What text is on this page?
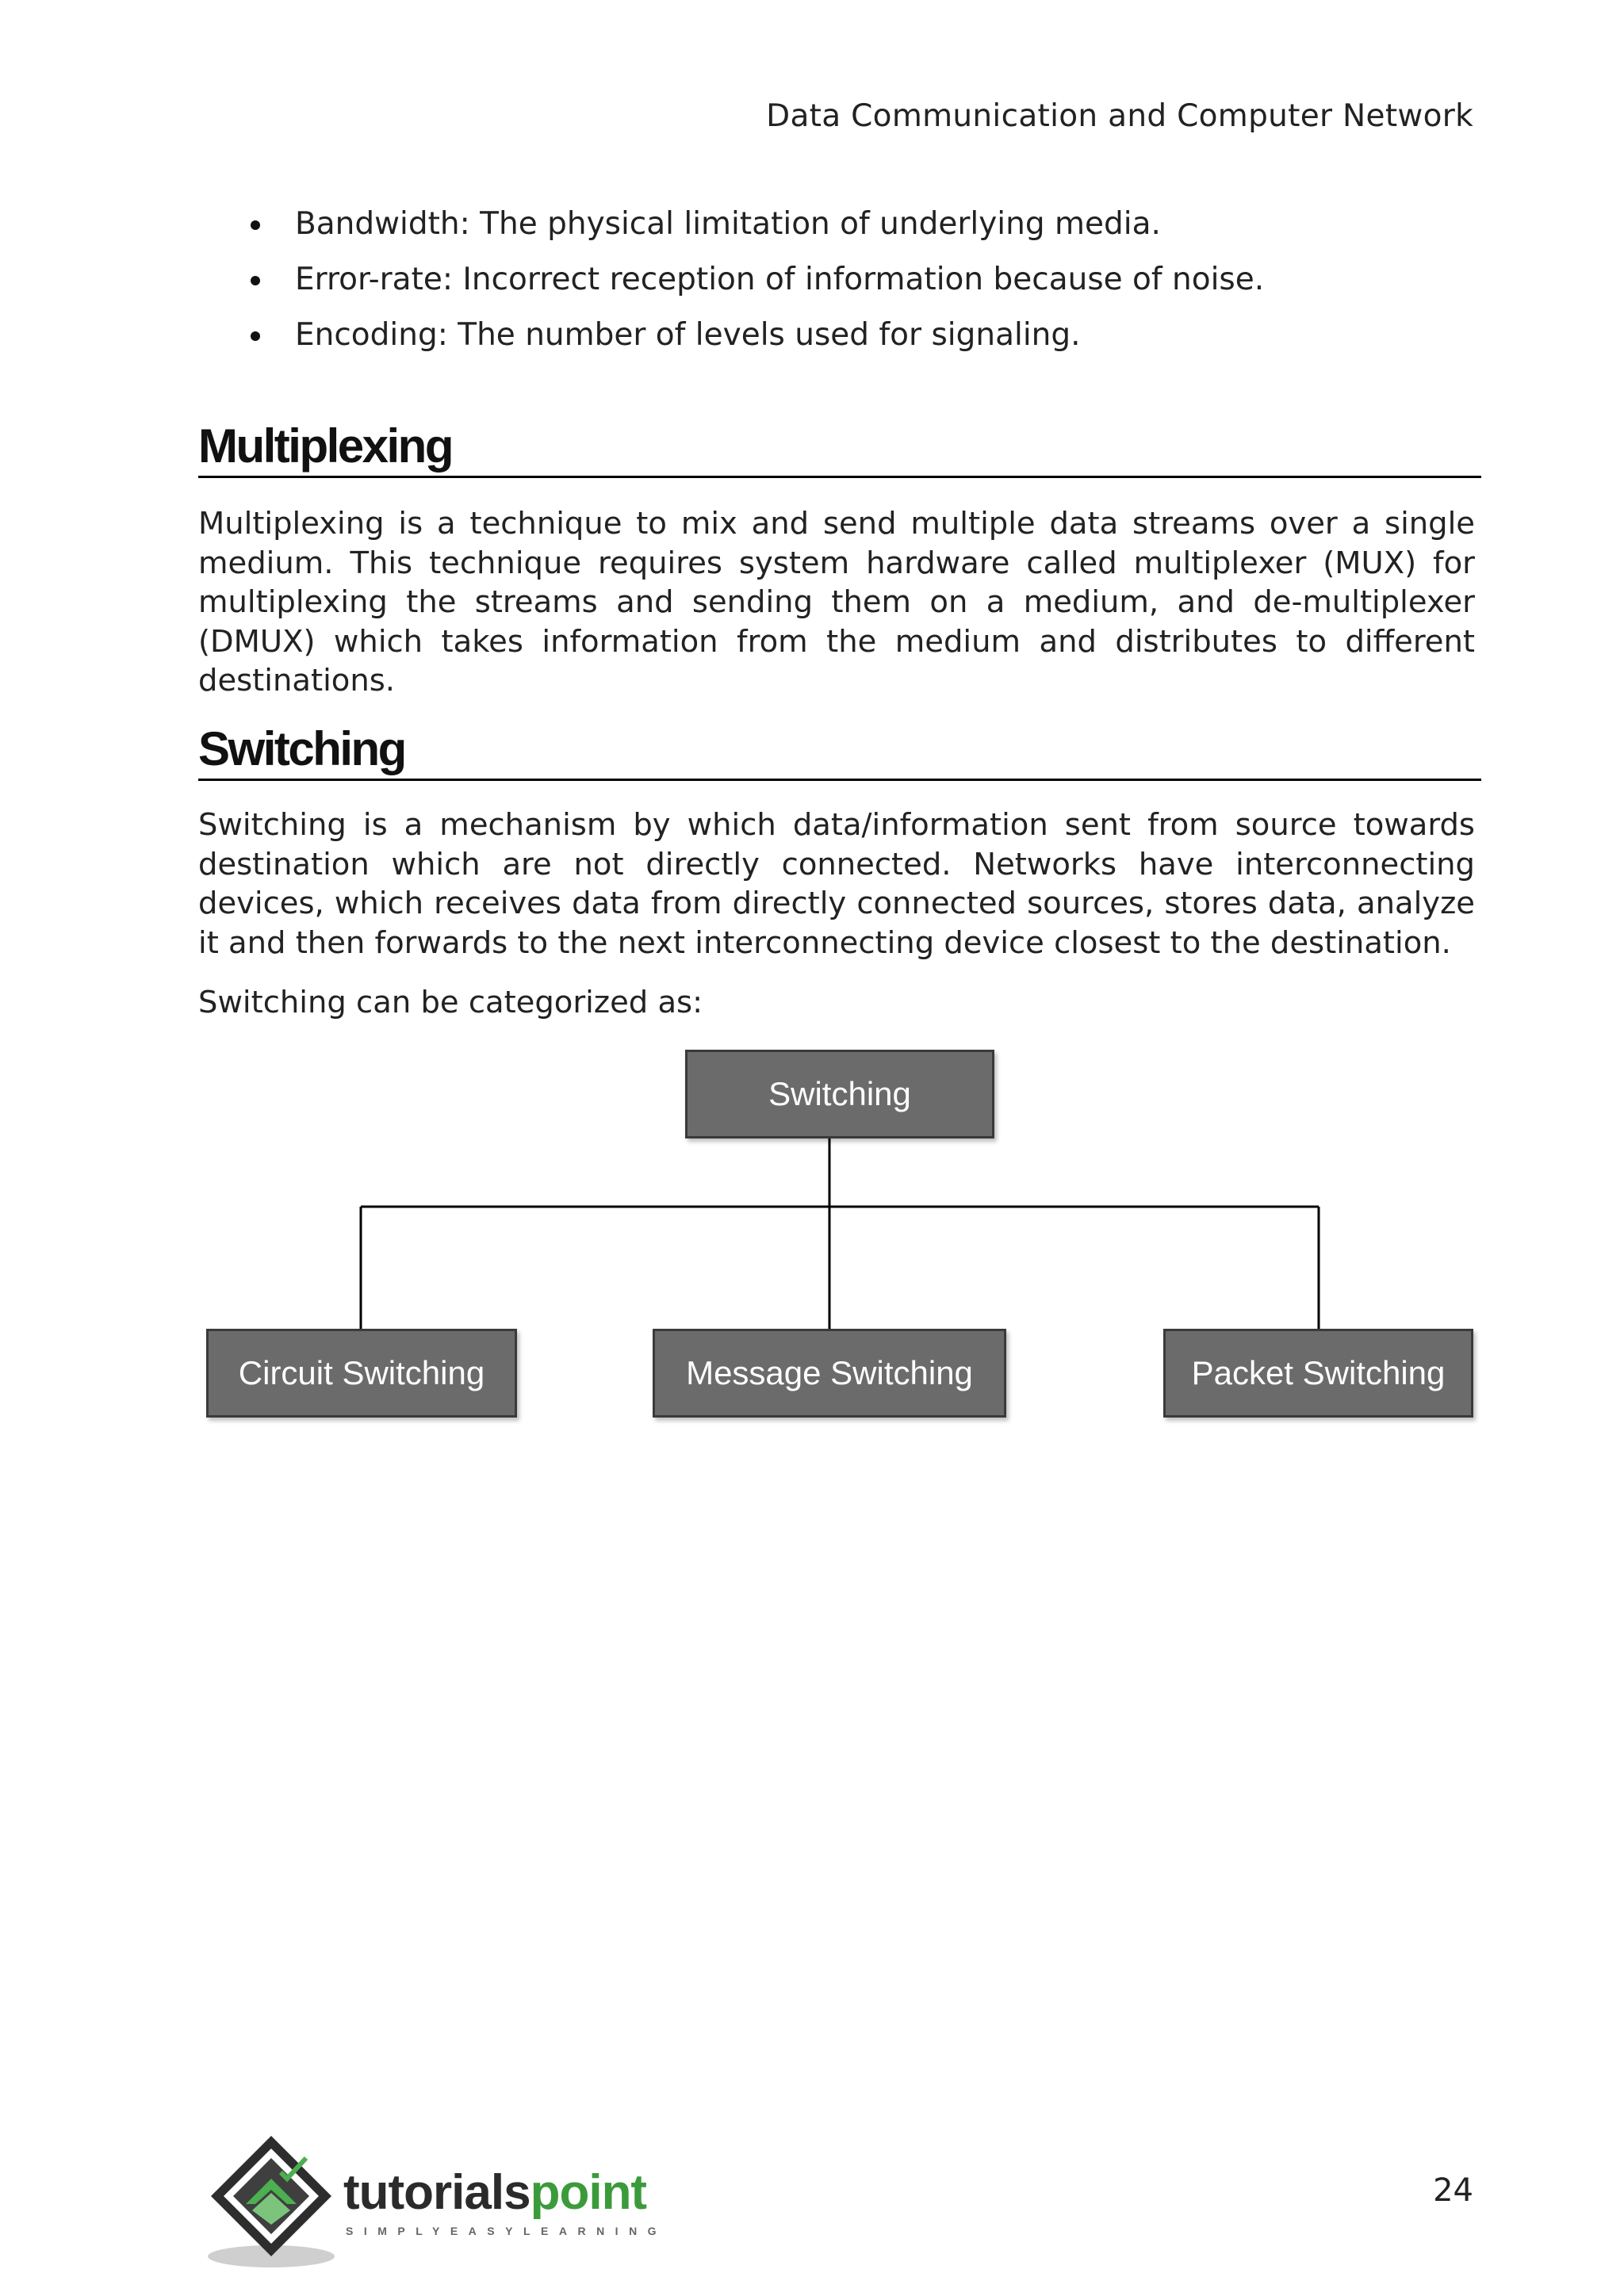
Data Communication and Computer Network
Bandwidth: The physical limitation of underlying media.
Error-rate: Incorrect reception of information because of noise.
Encoding: The number of levels used for signaling.
Multiplexing
Multiplexing is a technique to mix and send multiple data streams over a single medium. This technique requires system hardware called multiplexer (MUX) for multiplexing the streams and sending them on a medium, and de-multiplexer (DMUX) which takes information from the medium and distributes to different destinations.
Switching
Switching is a mechanism by which data/information sent from source towards destination which are not directly connected. Networks have interconnecting devices, which receives data from directly connected sources, stores data, analyze it and then forwards to the next interconnecting device closest to the destination.
Switching can be categorized as:
Switching
Circuit Switching	Message Switching	Packet Switching
tutorialspoint
SIMPLYEASYLEARNING
24
